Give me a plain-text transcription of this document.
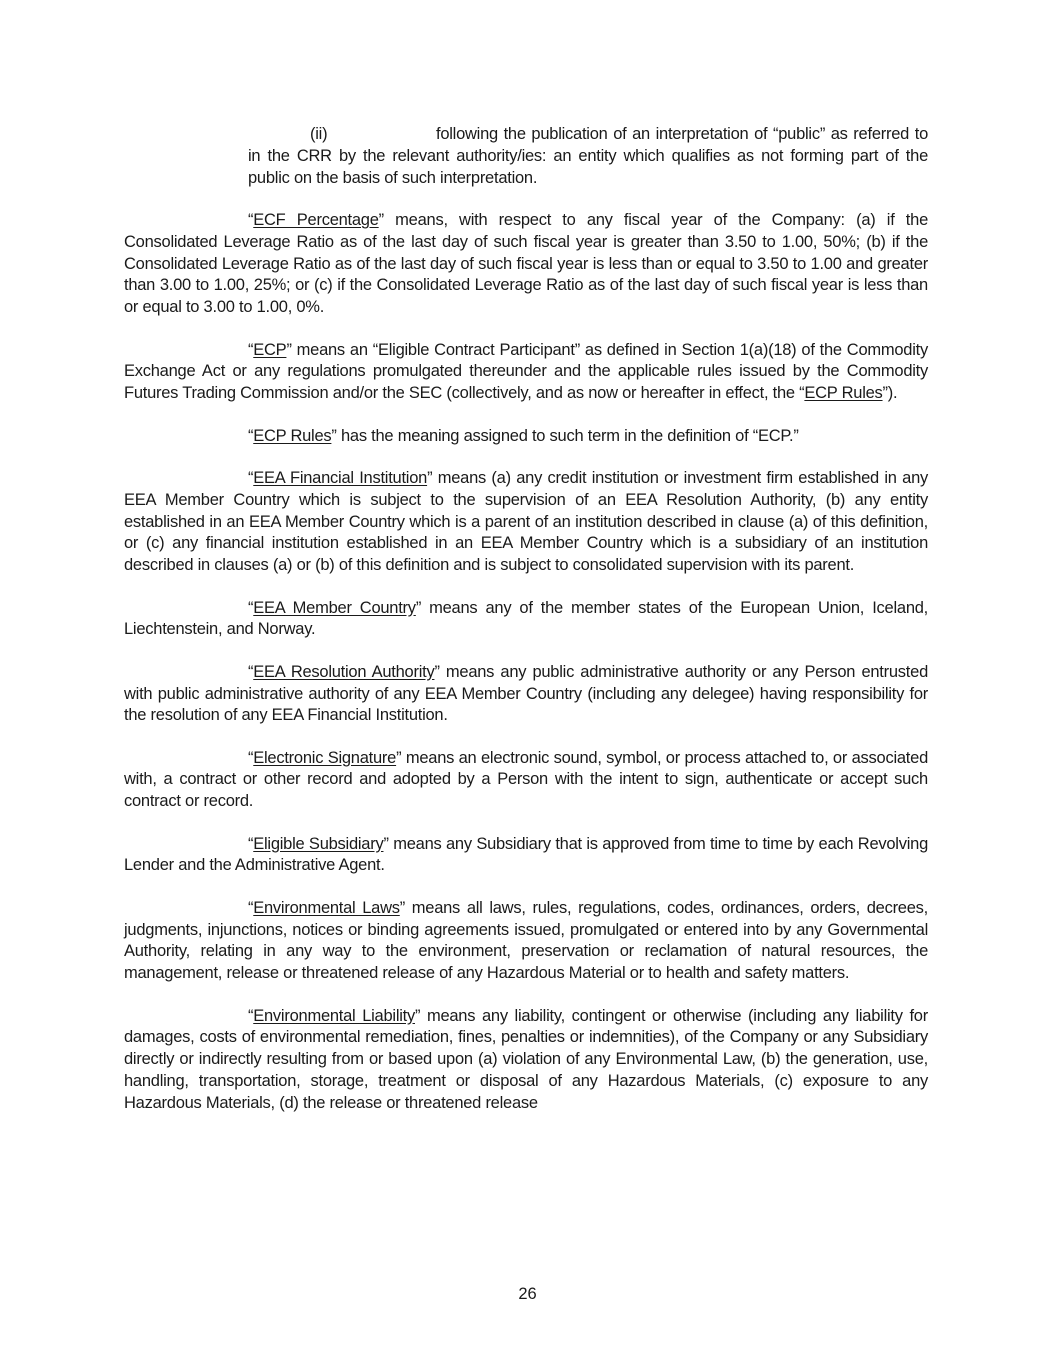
(ii)	following the publication of an interpretation of “public” as referred to in the CRR by the relevant authority/ies: an entity which qualifies as not forming part of the public on the basis of such interpretation.

“ECF Percentage” means, with respect to any fiscal year of the Company: (a) if the Consolidated Leverage Ratio as of the last day of such fiscal year is greater than 3.50 to 1.00, 50%; (b) if the Consolidated Leverage Ratio as of the last day of such fiscal year is less than or equal to 3.50 to 1.00 and greater than 3.00 to 1.00, 25%; or (c) if the Consolidated Leverage Ratio as of the last day of such fiscal year is less than or equal to 3.00 to 1.00, 0%.

“ECP” means an “Eligible Contract Participant” as defined in Section 1(a)(18) of the Commodity Exchange Act or any regulations promulgated thereunder and the applicable rules issued by the Commodity Futures Trading Commission and/or the SEC (collectively, and as now or hereafter in effect, the “ECP Rules”).

“ECP Rules” has the meaning assigned to such term in the definition of “ECP.”

“EEA Financial Institution” means (a) any credit institution or investment firm established in any EEA Member Country which is subject to the supervision of an EEA Resolution Authority, (b) any entity established in an EEA Member Country which is a parent of an institution described in clause (a) of this definition, or (c) any financial institution established in an EEA Member Country which is a subsidiary of an institution described in clauses (a) or (b) of this definition and is subject to consolidated supervision with its parent.

“EEA Member Country” means any of the member states of the European Union, Iceland, Liechtenstein, and Norway.

“EEA Resolution Authority” means any public administrative authority or any Person entrusted with public administrative authority of any EEA Member Country (including any delegee) having responsibility for the resolution of any EEA Financial Institution.

“Electronic Signature” means an electronic sound, symbol, or process attached to, or associated with, a contract or other record and adopted by a Person with the intent to sign, authenticate or accept such contract or record.

“Eligible Subsidiary” means any Subsidiary that is approved from time to time by each Revolving Lender and the Administrative Agent.

“Environmental Laws” means all laws, rules, regulations, codes, ordinances, orders, decrees, judgments, injunctions, notices or binding agreements issued, promulgated or entered into by any Governmental Authority, relating in any way to the environment, preservation or reclamation of natural resources, the management, release or threatened release of any Hazardous Material or to health and safety matters.

“Environmental Liability” means any liability, contingent or otherwise (including any liability for damages, costs of environmental remediation, fines, penalties or indemnities), of the Company or any Subsidiary directly or indirectly resulting from or based upon (a) violation of any Environmental Law, (b) the generation, use, handling, transportation, storage, treatment or disposal of any Hazardous Materials, (c) exposure to any Hazardous Materials, (d) the release or threatened release

26
